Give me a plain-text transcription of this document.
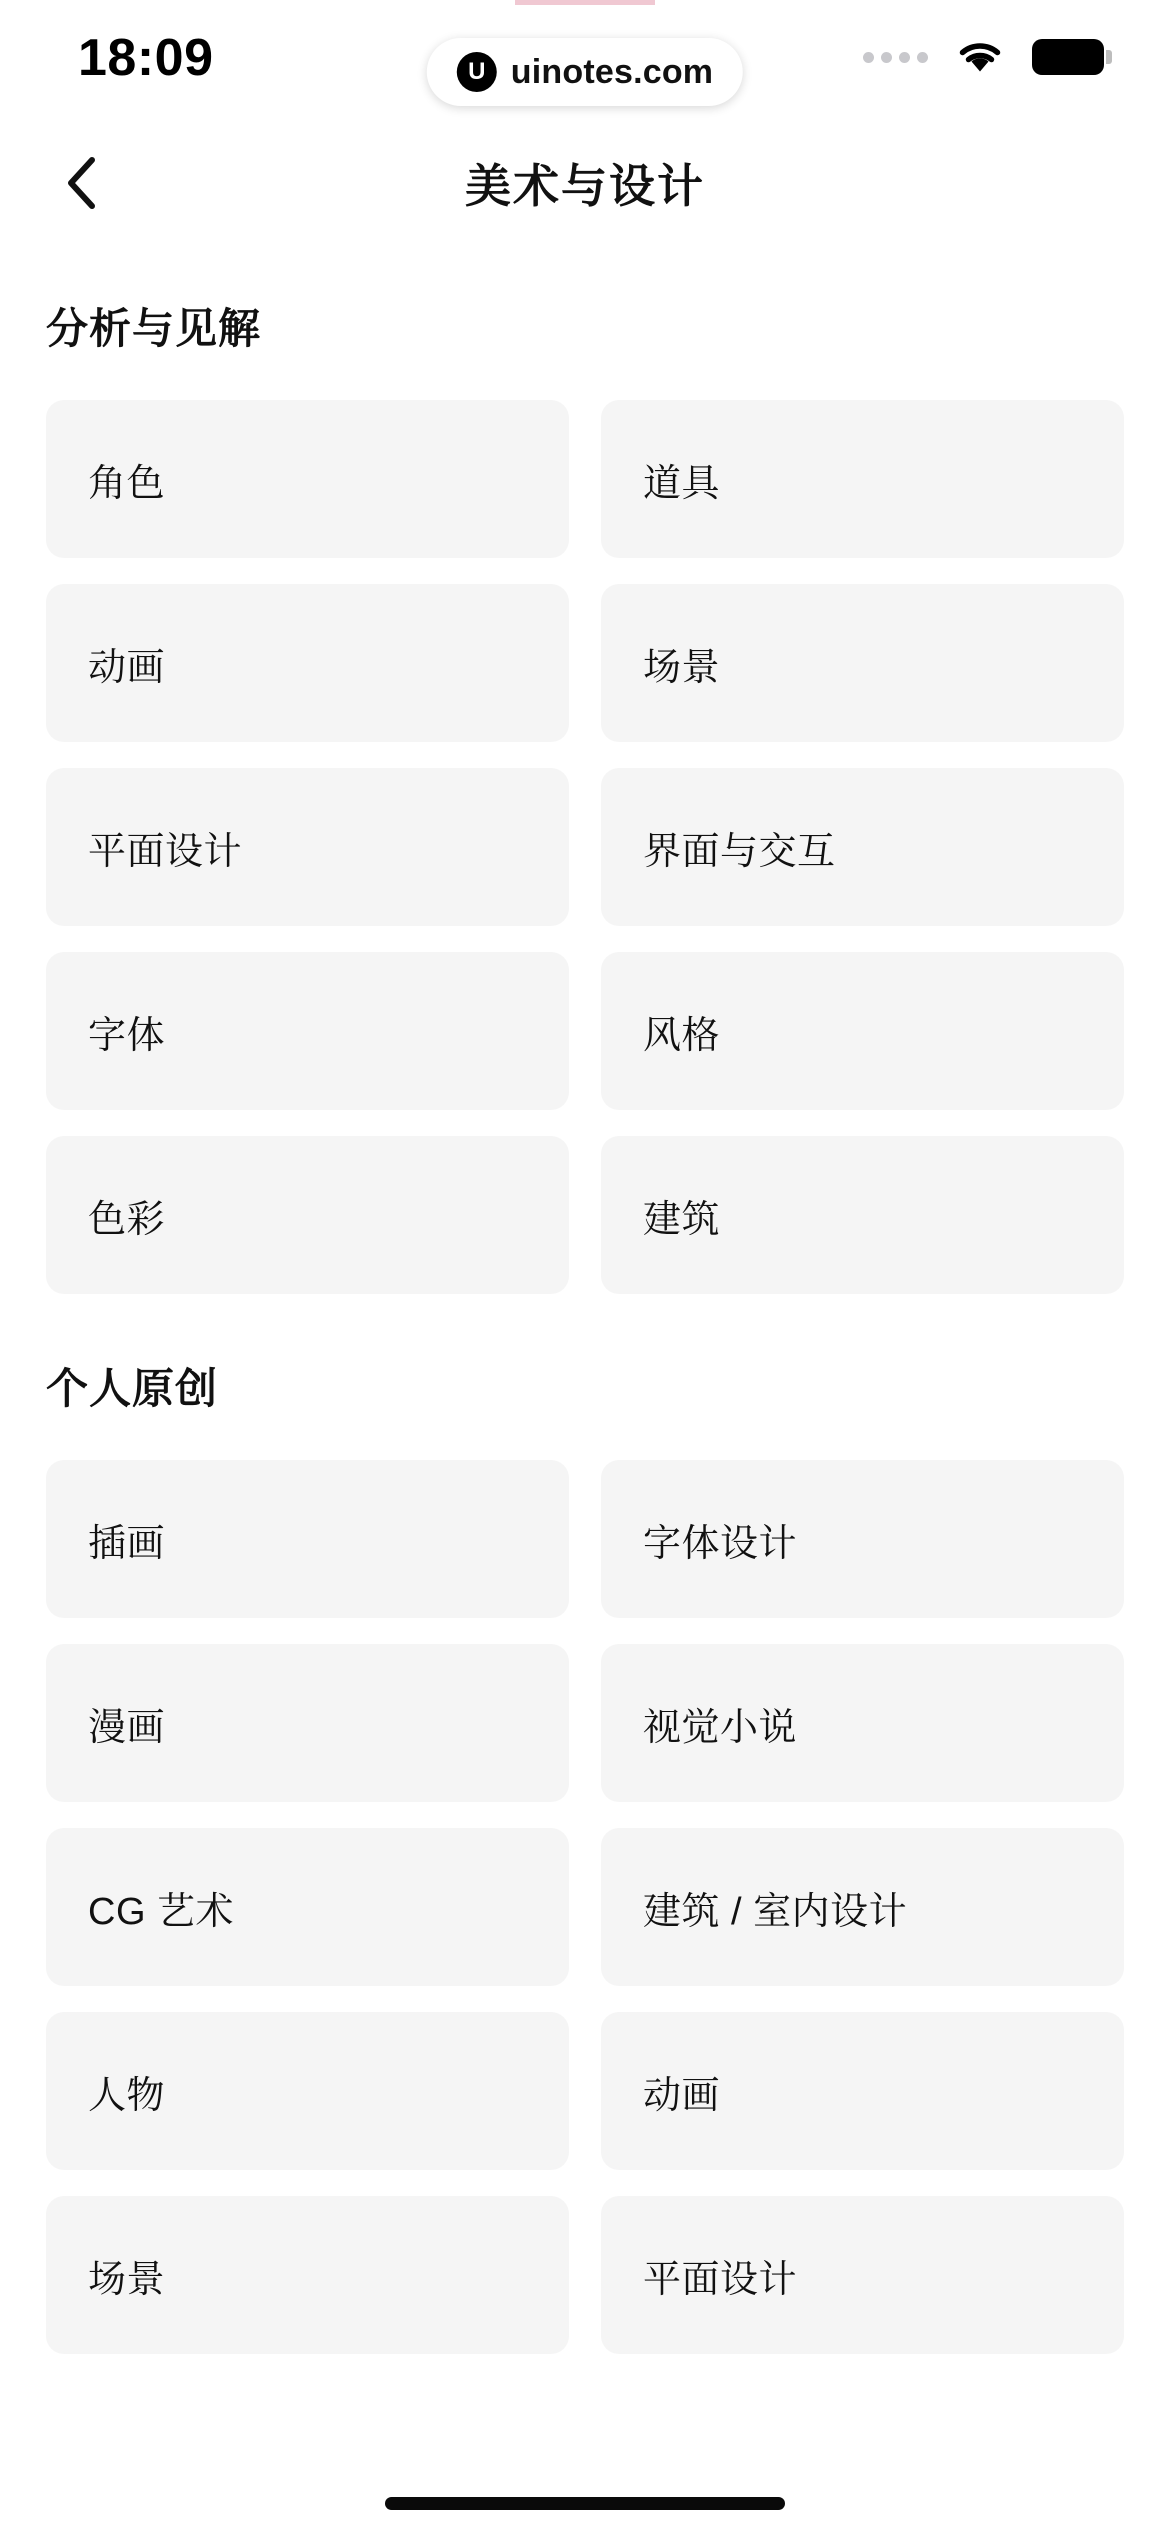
18:09	U uinotes.com
美术与设计
分析与见解
角色	道具
动画	场景
平面设计	界面与交互
字体	风格
色彩	建筑
个人原创
插画	字体设计
漫画	视觉小说
CG 艺术	建筑 / 室内设计
人物	动画
场景	平面设计
